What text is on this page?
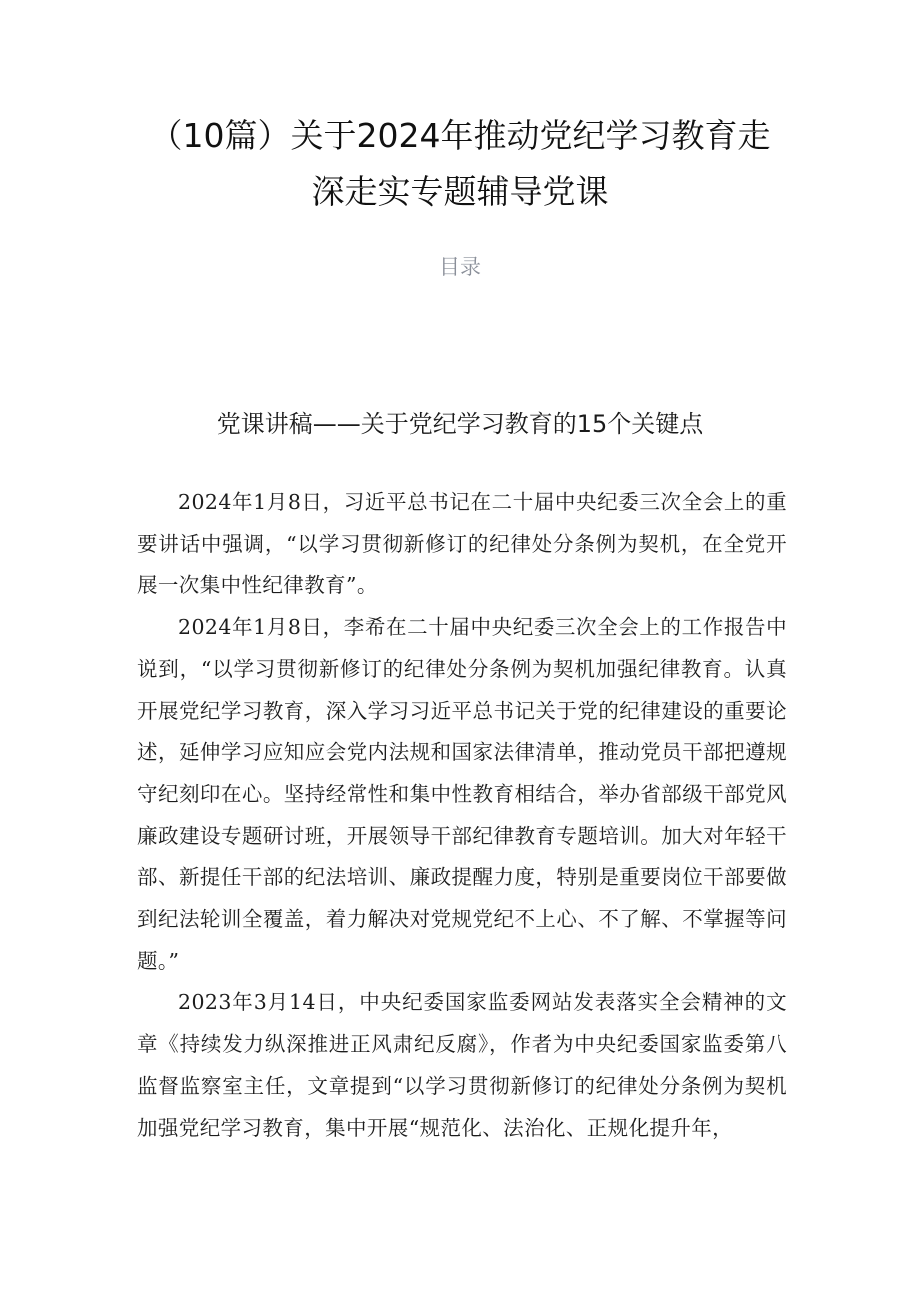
（10篇）关于2024年推动党纪学习教育走
深走实专题辅导党课
目录
党课讲稿——关于党纪学习教育的15个关键点

2024年1月8日，习近平总书记在二十届中央纪委三次全会上的重要讲话中强调，“以学习贯彻新修订的纪律处分条例为契机，在全党开展一次集中性纪律教育”。

2024年1月8日，李希在二十届中央纪委三次全会上的工作报告中说到，“以学习贯彻新修订的纪律处分条例为契机加强纪律教育。认真开展党纪学习教育，深入学习习近平总书记关于党的纪律建设的重要论述，延伸学习应知应会党内法规和国家法律清单，推动党员干部把遵规守纪刻印在心。坚持经常性和集中性教育相结合，举办省部级干部党风廉政建设专题研讨班，开展领导干部纪律教育专题培训。加大对年轻干部、新提任干部的纪法培训、廉政提醒力度，特别是重要岗位干部要做到纪法轮训全覆盖，着力解决对党规党纪不上心、不了解、不掌握等问题。”

2023年3月14日，中央纪委国家监委网站发表落实全会精神的文章《持续发力纵深推进正风肃纪反腐》，作者为中央纪委国家监委第八监督监察室主任，文章提到“以学习贯彻新修订的纪律处分条例为契机加强党纪学习教育，集中开展“规范化、法治化、正规化提升年，
